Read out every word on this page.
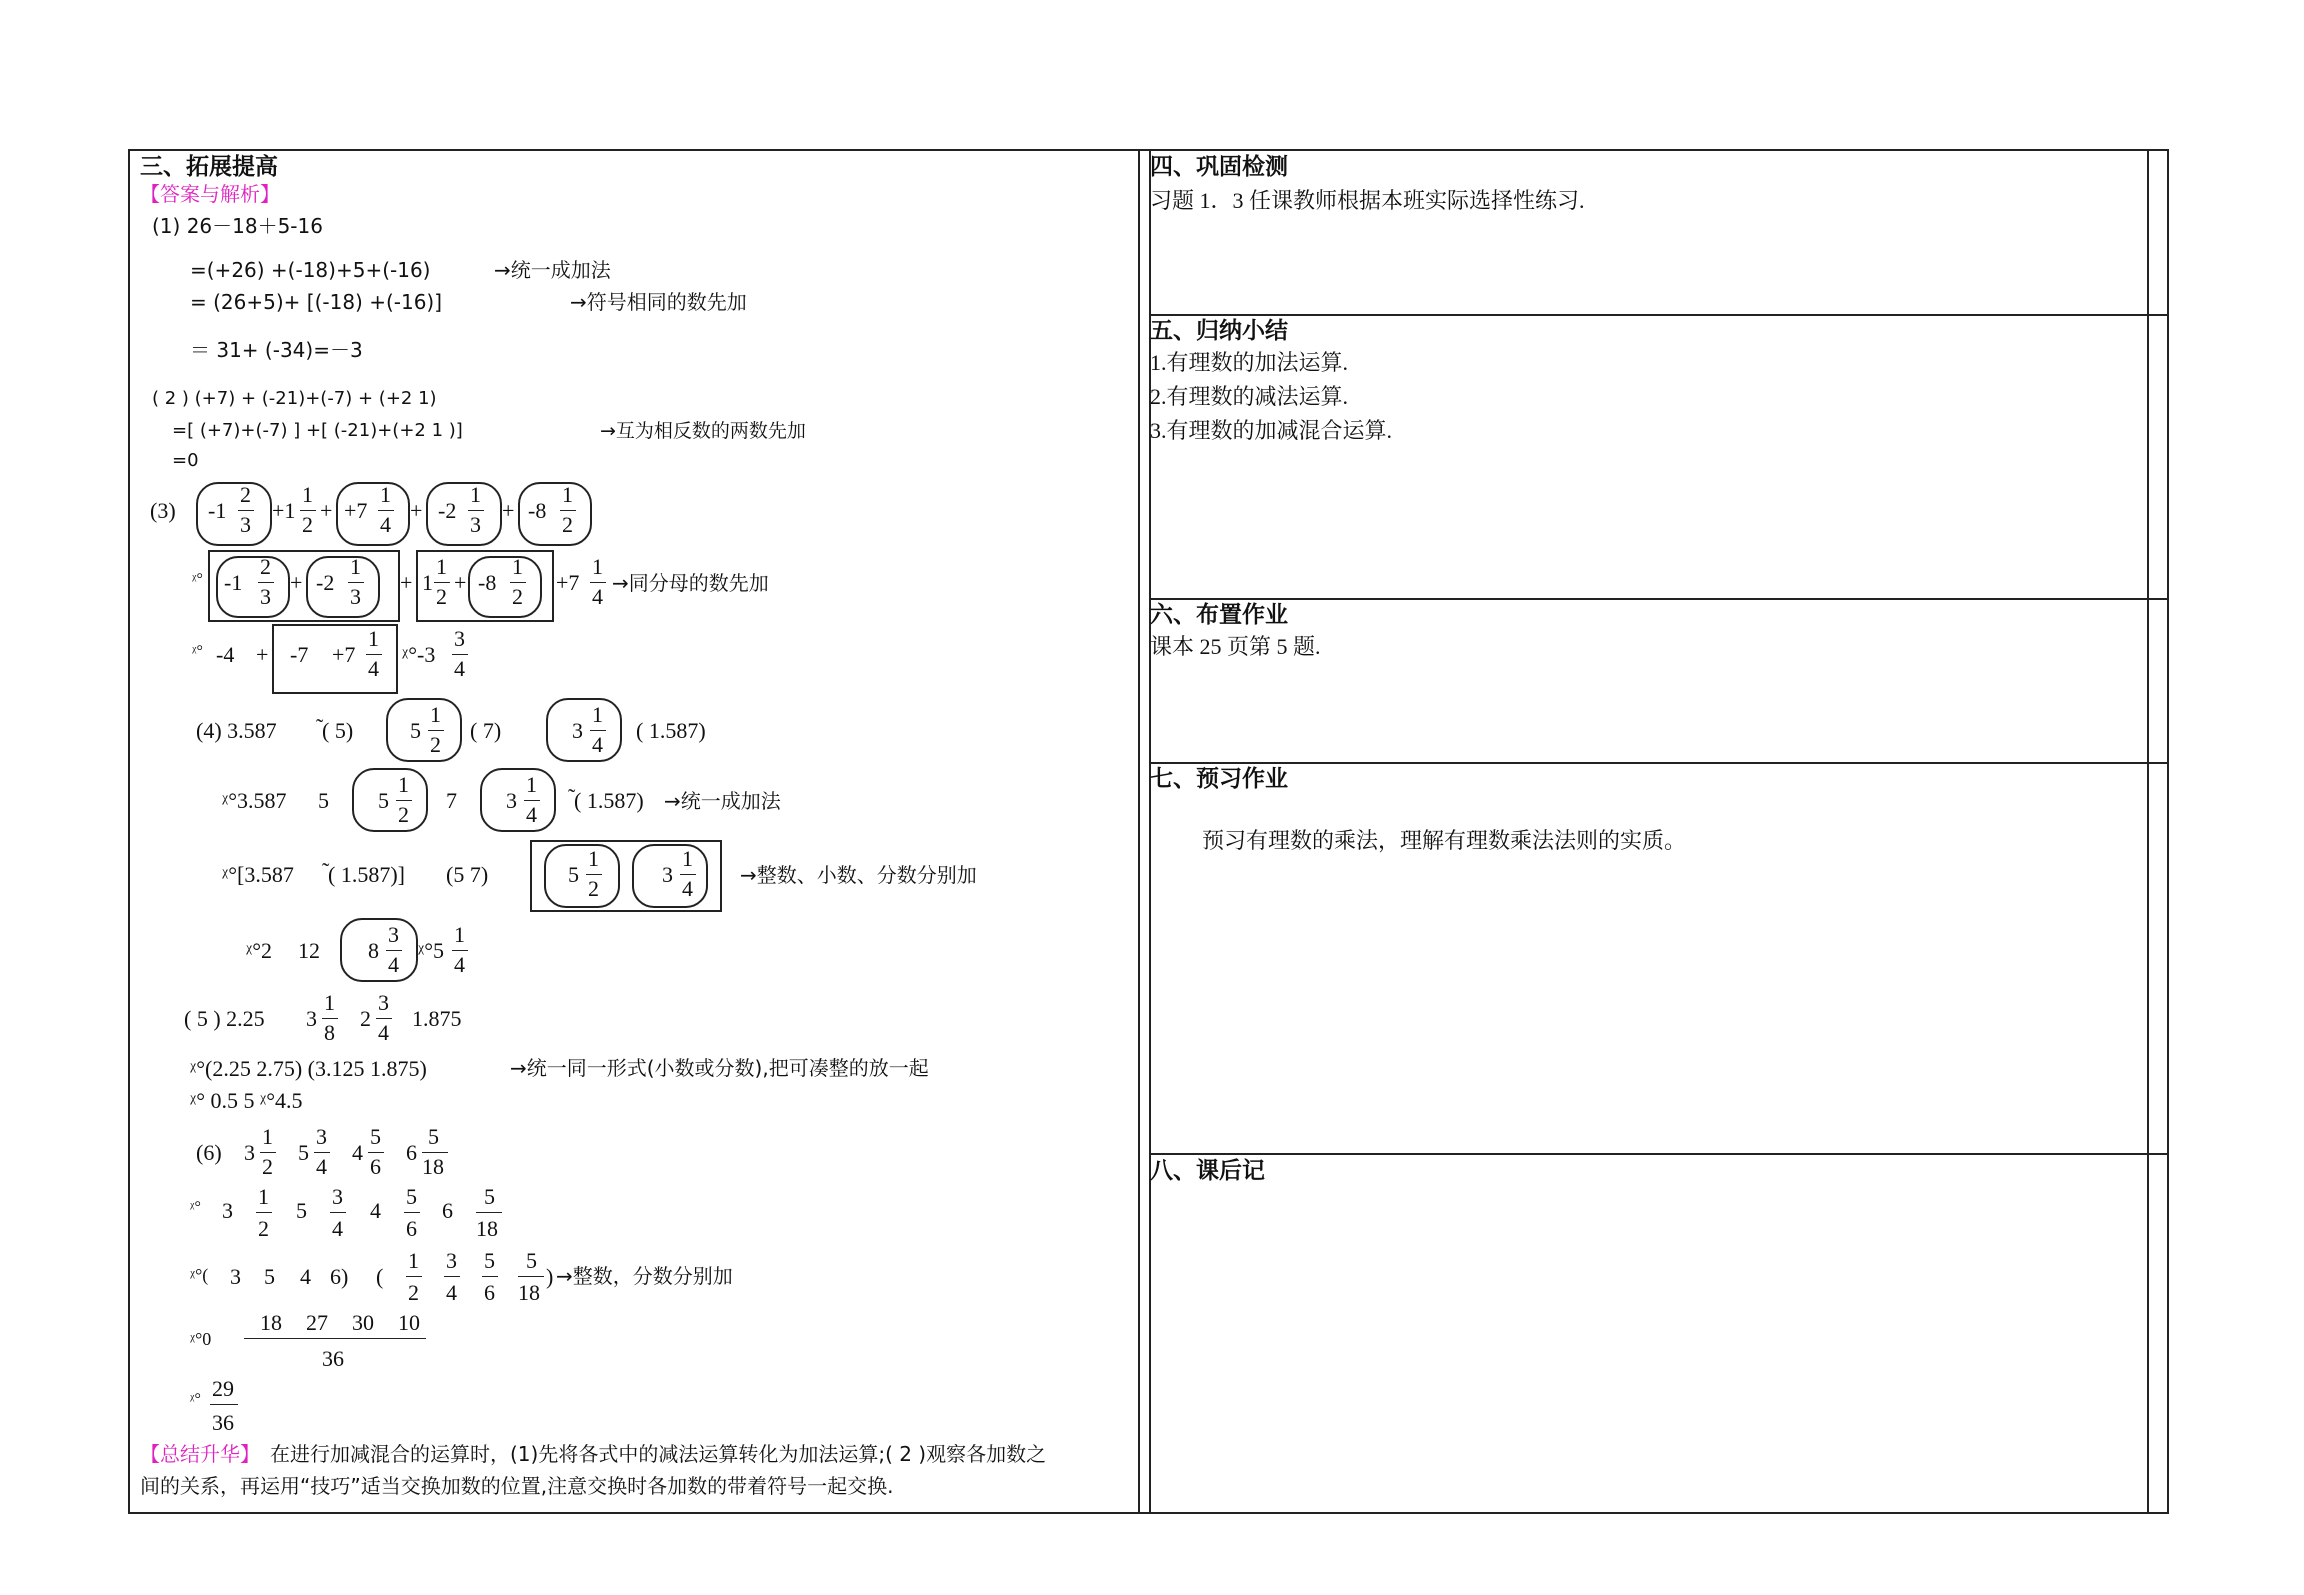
三、拓展提高
【答案与解析】
(1) 26－18＋5-16
=(+26) +(-18)+5+(-16)	→统一成加法
= (26+5)+ [(-18) +(-16)]	→符号相同的数先加
＝ 31+ (-34)=－3
( 2 ) (+7) + (-21)+(-7) + (+2 1)
=[ (+7)+(-7) ] +[ (-21)+(+2 1 )]	→互为相反数的两数先加
=0
(3) -1
2
3
+1
1
2
+ +7
1
4
+ -2
1
3
+ -8
1
2
ᵡ° -1
2
3
+ -2
1
3
+ 1
1
2
+ -8
1
2
+7
1
4
→同分母的数先加
ᵡ° -4 + -7 +7
1
4
ᵡ°-3
3
4
(4) 3.587 ˜
( 5)	5
1
2
( 7)	3
1
4
( 1.587)
ᵡ°3.587 5 5
1
2
7 3
1
4
˜
( 1.587) →统一成加法
ᵡ°[3.587 ˜
( 1.587)] (5 7)	5
1
2
3
1
4
→整数、小数、分数分别加
ᵡ°2 12 8
3
4
ᵡ°5
1
4
( 5 ) 2.25 3
1
8
2
3
4
1.875
ᵡ°(2.25 2.75) (3.125 1.875)	→统一同一形式(小数或分数),把可凑整的放一起
ᵡ° 0.5 5 ᵡ°4.5
(6) 3
1
2
5
3
4
4
5
6
6
5
18
ᵡ° 3
1
2
5
3
4
4
5
6
6
5
18
ᵡ°( 3 5 4 6) (
1
2
3
4
5
6
5
18
) →整数，分数分别加
ᵡ°0
18 27 30 10
36
ᵡ° 29
36
【总结升华】 在进行加减混合的运算时，(1)先将各式中的减法运算转化为加法运算;( 2 )观察各加数之
间的关系，再运用“技巧”适当交换加数的位置,注意交换时各加数的带着符号一起交换.
四、巩固检测
习题 1．3 任课教师根据本班实际选择性练习.
五、归纳小结
1.有理数的加法运算.
2.有理数的减法运算.
3.有理数的加减混合运算.
六、布置作业
课本 25 页第 5 题.
七、预习作业
预习有理数的乘法，理解有理数乘法法则的实质。
八、课后记
